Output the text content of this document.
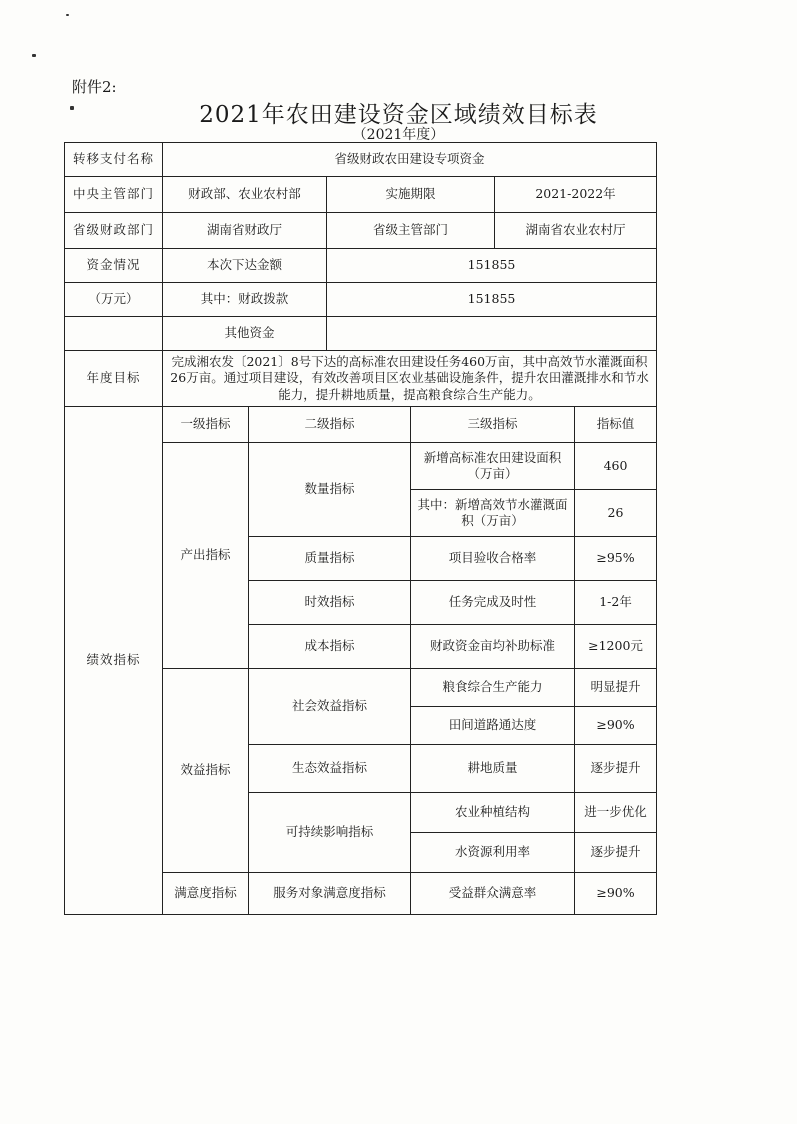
附件2:
2021年农田建设资金区域绩效目标表
（2021年度）
转移支付名称	省级财政农田建设专项资金					
中央主管部门	财政部、农业农村部		实施期限		2021-2022年	
省级财政部门	湖南省财政厅		省级主管部门		湖南省农业农村厅	
资金情况	本次下达金额		151855			
（万元）	其中：财政拨款		151855			
	其他资金					
年度目标	完成湘农发〔2021〕8号下达的高标准农田建设任务460万亩，其中高效节水灌溉面积26万亩。通过项目建设，有效改善项目区农业基础设施条件，提升农田灌溉排水和节水能力，提升耕地质量，提高粮食综合生产能力。					
绩效指标	一级指标	二级指标		三级指标		指标值
	产出指标	数量指标		新增高标准农田建设面积（万亩）		460
				其中：新增高效节水灌溉面积（万亩）		26
		质量指标		项目验收合格率		≥95%
		时效指标		任务完成及时性		1-2年
		成本指标		财政资金亩均补助标准		≥1200元
	效益指标	社会效益指标		粮食综合生产能力		明显提升
				田间道路通达度		≥90%
		生态效益指标		耕地质量		逐步提升
		可持续影响指标		农业种植结构		进一步优化
				水资源利用率		逐步提升
	满意度指标	服务对象满意度指标		受益群众满意率		≥90%
